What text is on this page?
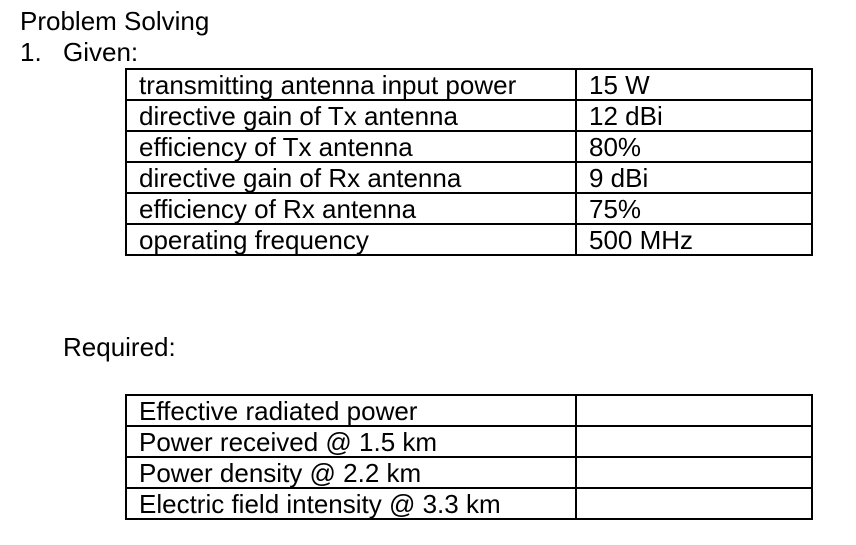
Problem Solving
1. Given:
transmitting antenna input power	15 W
directive gain of Tx antenna	12 dBi
efficiency of Tx antenna	80%
directive gain of Rx antenna	9 dBi
efficiency of Rx antenna	75%
operating frequency	500 MHz
Required:
Effective radiated power	
Power received @ 1.5 km	
Power density @ 2.2 km	
Electric field intensity @ 3.3 km	
